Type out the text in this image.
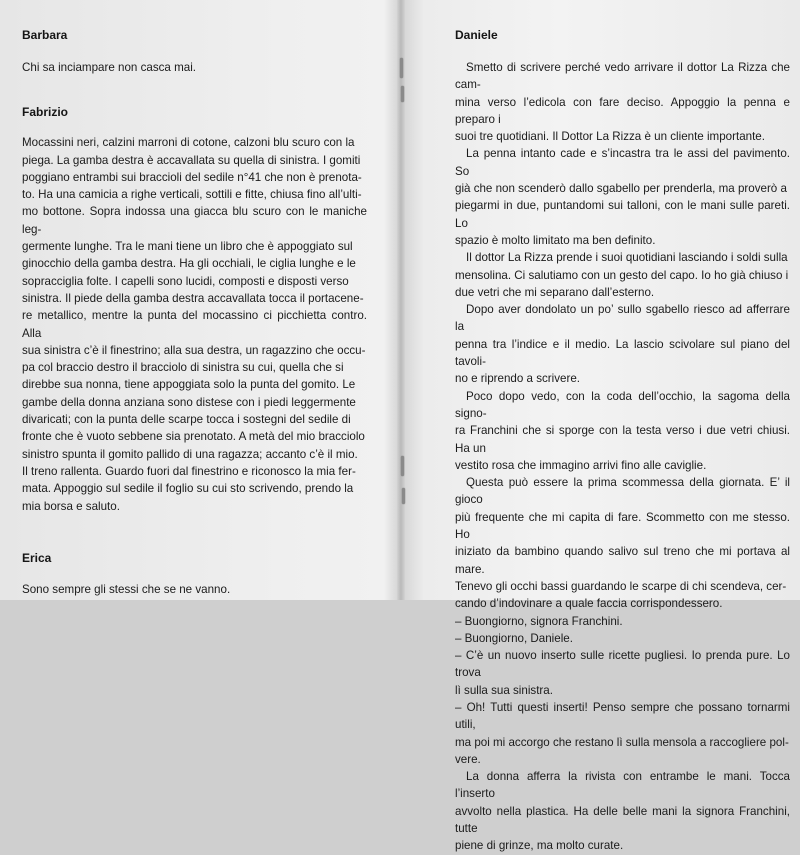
Barbara

Chi sa inciampare non casca mai.

Fabrizio

Mocassini neri, calzini marroni di cotone, calzoni blu scuro con la

piega. La gamba destra è accavallata su quella di sinistra. I gomiti

poggiano entrambi sui braccioli del sedile n°41 che non è prenota-

to. Ha una camicia a righe verticali, sottili e fitte, chiusa fino all’ulti-

mo bottone. Sopra indossa una giacca blu scuro con le maniche leg-

germente lunghe. Tra le mani tiene un libro che è appoggiato sul

ginocchio della gamba destra. Ha gli occhiali, le ciglia lunghe e le

sopracciglia folte. I capelli sono lucidi, composti e disposti verso

sinistra. Il piede della gamba destra accavallata tocca il portacene-

re metallico, mentre la punta del mocassino ci picchietta contro. Alla

sua sinistra c’è il finestrino; alla sua destra, un ragazzino che occu-

pa col braccio destro il bracciolo di sinistra su cui, quella che si

direbbe sua nonna, tiene appoggiata solo la punta del gomito. Le

gambe della donna anziana sono distese con i piedi leggermente

divaricati; con la punta delle scarpe tocca i sostegni del sedile di

fronte che è vuoto sebbene sia prenotato. A metà del mio bracciolo

sinistro spunta il gomito pallido di una ragazza; accanto c’è il mio.

Il treno rallenta. Guardo fuori dal finestrino e riconosco la mia fer-

mata. Appoggio sul sedile il foglio su cui sto scrivendo, prendo la

mia borsa e saluto.

Erica

Sono sempre gli stessi che se ne vanno.

Daniele

Smetto di scrivere perché vedo arrivare il dottor La Rizza che cam-

mina verso l’edicola con fare deciso. Appoggio la penna e preparo i

suoi tre quotidiani. Il Dottor La Rizza è un cliente importante.

La penna intanto cade e s’incastra tra le assi del pavimento. So

già che non scenderò dallo sgabello per prenderla, ma proverò a

piegarmi in due, puntandomi sui talloni, con le mani sulle pareti. Lo

spazio è molto limitato ma ben definito.

Il dottor La Rizza prende i suoi quotidiani lasciando i soldi sulla

mensolina. Ci salutiamo con un gesto del capo. Io ho già chiuso i

due vetri che mi separano dall’esterno.

Dopo aver dondolato un po’ sullo sgabello riesco ad afferrare la

penna tra l’indice e il medio. La lascio scivolare sul piano del tavoli-

no e riprendo a scrivere.

Poco dopo vedo, con la coda dell’occhio, la sagoma della signo-

ra Franchini che si sporge con la testa verso i due vetri chiusi. Ha un

vestito rosa che immagino arrivi fino alle caviglie.

Questa può essere la prima scommessa della giornata. E’ il gioco

più frequente che mi capita di fare. Scommetto con me stesso. Ho

iniziato da bambino quando salivo sul treno che mi portava al mare.

Tenevo gli occhi bassi guardando le scarpe di chi scendeva, cer-

cando d’indovinare a quale faccia corrispondessero.

– Buongiorno, signora Franchini.

– Buongiorno, Daniele.

– C’è un nuovo inserto sulle ricette pugliesi. Io prenda pure. Lo trova

lì sulla sua sinistra.

– Oh! Tutti questi inserti! Penso sempre che possano tornarmi utili,

ma poi mi accorgo che restano lì sulla mensola a raccogliere pol-

vere.

La donna afferra la rivista con entrambe le mani. Tocca l’inserto

avvolto nella plastica. Ha delle belle mani la signora Franchini, tutte

piene di grinze, ma molto curate.
